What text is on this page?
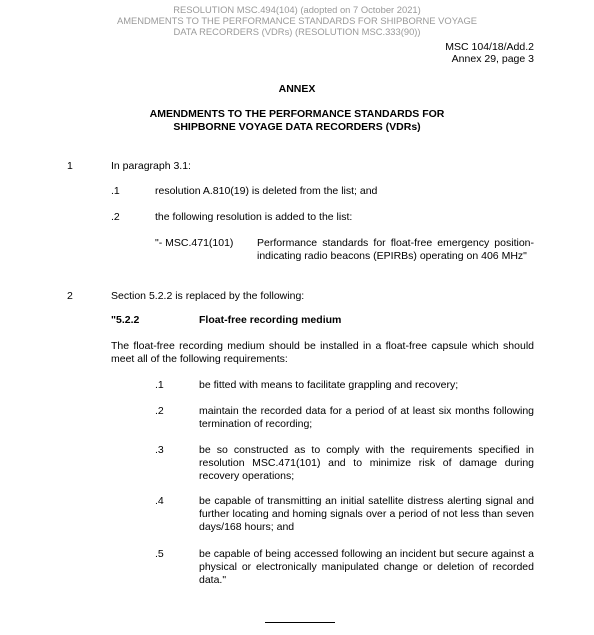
RESOLUTION MSC.494(104) (adopted on 7 October 2021)
AMENDMENTS TO THE PERFORMANCE STANDARDS FOR SHIPBORNE VOYAGE
DATA RECORDERS (VDRs) (RESOLUTION MSC.333(90))
MSC 104/18/Add.2
Annex 29, page 3
ANNEX
AMENDMENTS TO THE PERFORMANCE STANDARDS FOR
SHIPBORNE VOYAGE DATA RECORDERS (VDRs)
1	In paragraph 3.1:
.1	resolution A.810(19) is deleted from the list; and
.2	the following resolution is added to the list:
"- MSC.471(101) Performance standards for float-free emergency position-indicating radio beacons (EPIRBs) operating on 406 MHz"
2	Section 5.2.2 is replaced by the following:
"5.2.2	Float-free recording medium
The float-free recording medium should be installed in a float-free capsule which should meet all of the following requirements:
.1	be fitted with means to facilitate grappling and recovery;
.2	maintain the recorded data for a period of at least six months following termination of recording;
.3	be so constructed as to comply with the requirements specified in resolution MSC.471(101) and to minimize risk of damage during recovery operations;
.4	be capable of transmitting an initial satellite distress alerting signal and further locating and homing signals over a period of not less than seven days/168 hours; and
.5	be capable of being accessed following an incident but secure against a physical or electronically manipulated change or deletion of recorded data."
